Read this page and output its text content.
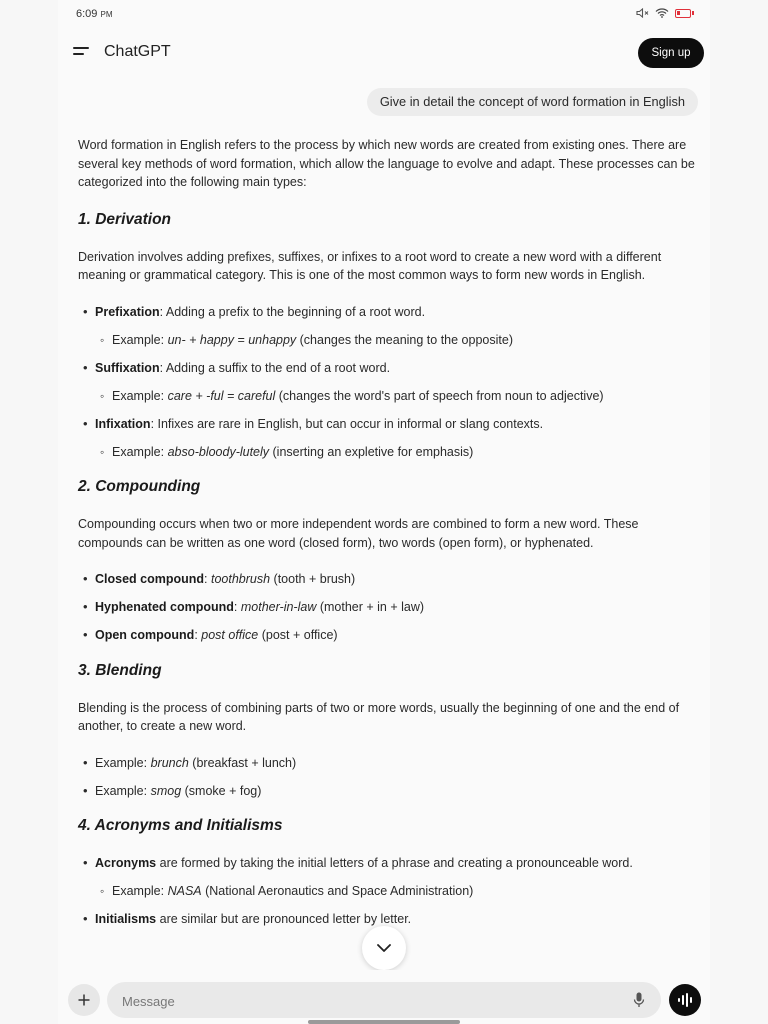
6:09 PM
ChatGPT	Sign up
Give in detail the concept of word formation in English

Word formation in English refers to the process by which new words are created from existing ones. There are several key methods of word formation, which allow the language to evolve and adapt. These processes can be categorized into the following main types:

1. Derivation

Derivation involves adding prefixes, suffixes, or infixes to a root word to create a new word with a different meaning or grammatical category. This is one of the most common ways to form new words in English.

• Prefixation: Adding a prefix to the beginning of a root word.
◦ Example: un- + happy = unhappy (changes the meaning to the opposite)
• Suffixation: Adding a suffix to the end of a root word.
◦ Example: care + -ful = careful (changes the word's part of speech from noun to adjective)
• Infixation: Infixes are rare in English, but can occur in informal or slang contexts.
◦ Example: abso-bloody-lutely (inserting an expletive for emphasis)
2. Compounding

Compounding occurs when two or more independent words are combined to form a new word. These compounds can be written as one word (closed form), two words (open form), or hyphenated.

• Closed compound: toothbrush (tooth + brush)
• Hyphenated compound: mother-in-law (mother + in + law)
• Open compound: post office (post + office)
3. Blending

Blending is the process of combining parts of two or more words, usually the beginning of one and the end of another, to create a new word.

• Example: brunch (breakfast + lunch)
• Example: smog (smoke + fog)
4. Acronyms and Initialisms
• Acronyms are formed by taking the initial letters of a phrase and creating a pronounceable word.
◦ Example: NASA (National Aeronautics and Space Administration)
• Initialisms are similar but are pronounced letter by letter.
Message
